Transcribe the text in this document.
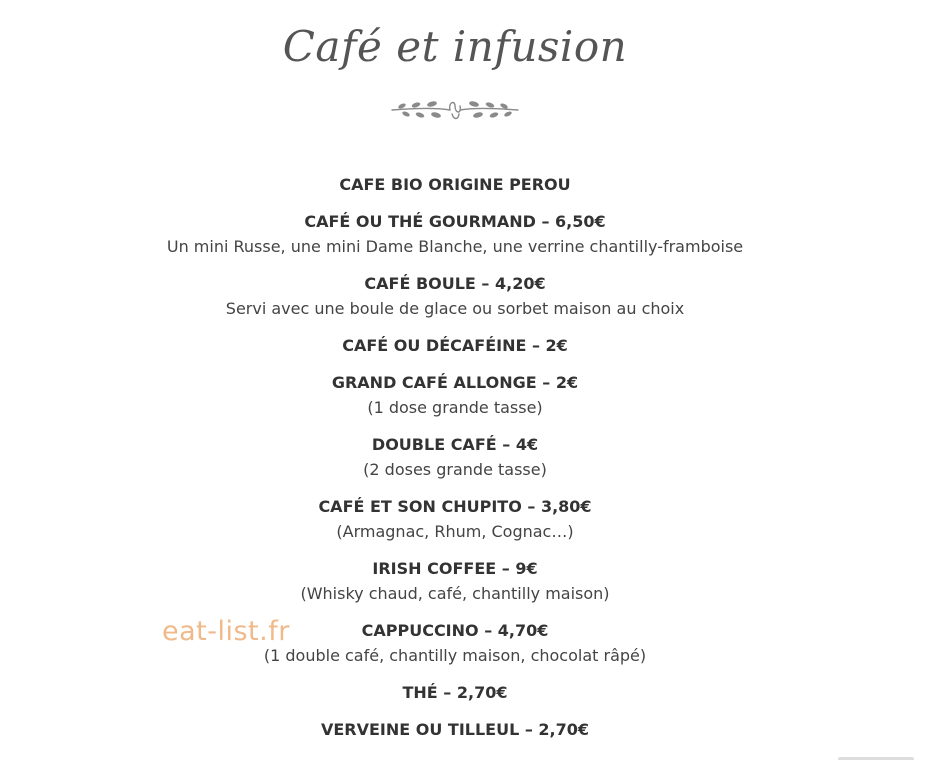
Café et infusion
CAFE BIO ORIGINE PEROU
CAFÉ OU THÉ GOURMAND – 6,50€
Un mini Russe, une mini Dame Blanche, une verrine chantilly-framboise
CAFÉ BOULE – 4,20€
Servi avec une boule de glace ou sorbet maison au choix
CAFÉ OU DÉCAFÉINE – 2€
GRAND CAFÉ ALLONGE – 2€
(1 dose grande tasse)
DOUBLE CAFÉ – 4€
(2 doses grande tasse)
CAFÉ ET SON CHUPITO – 3,80€
(Armagnac, Rhum, Cognac…)
IRISH COFFEE – 9€
(Whisky chaud, café, chantilly maison)
CAPPUCCINO – 4,70€
(1 double café, chantilly maison, chocolat râpé)
THÉ – 2,70€
VERVEINE OU TILLEUL – 2,70€
eat-list.fr
